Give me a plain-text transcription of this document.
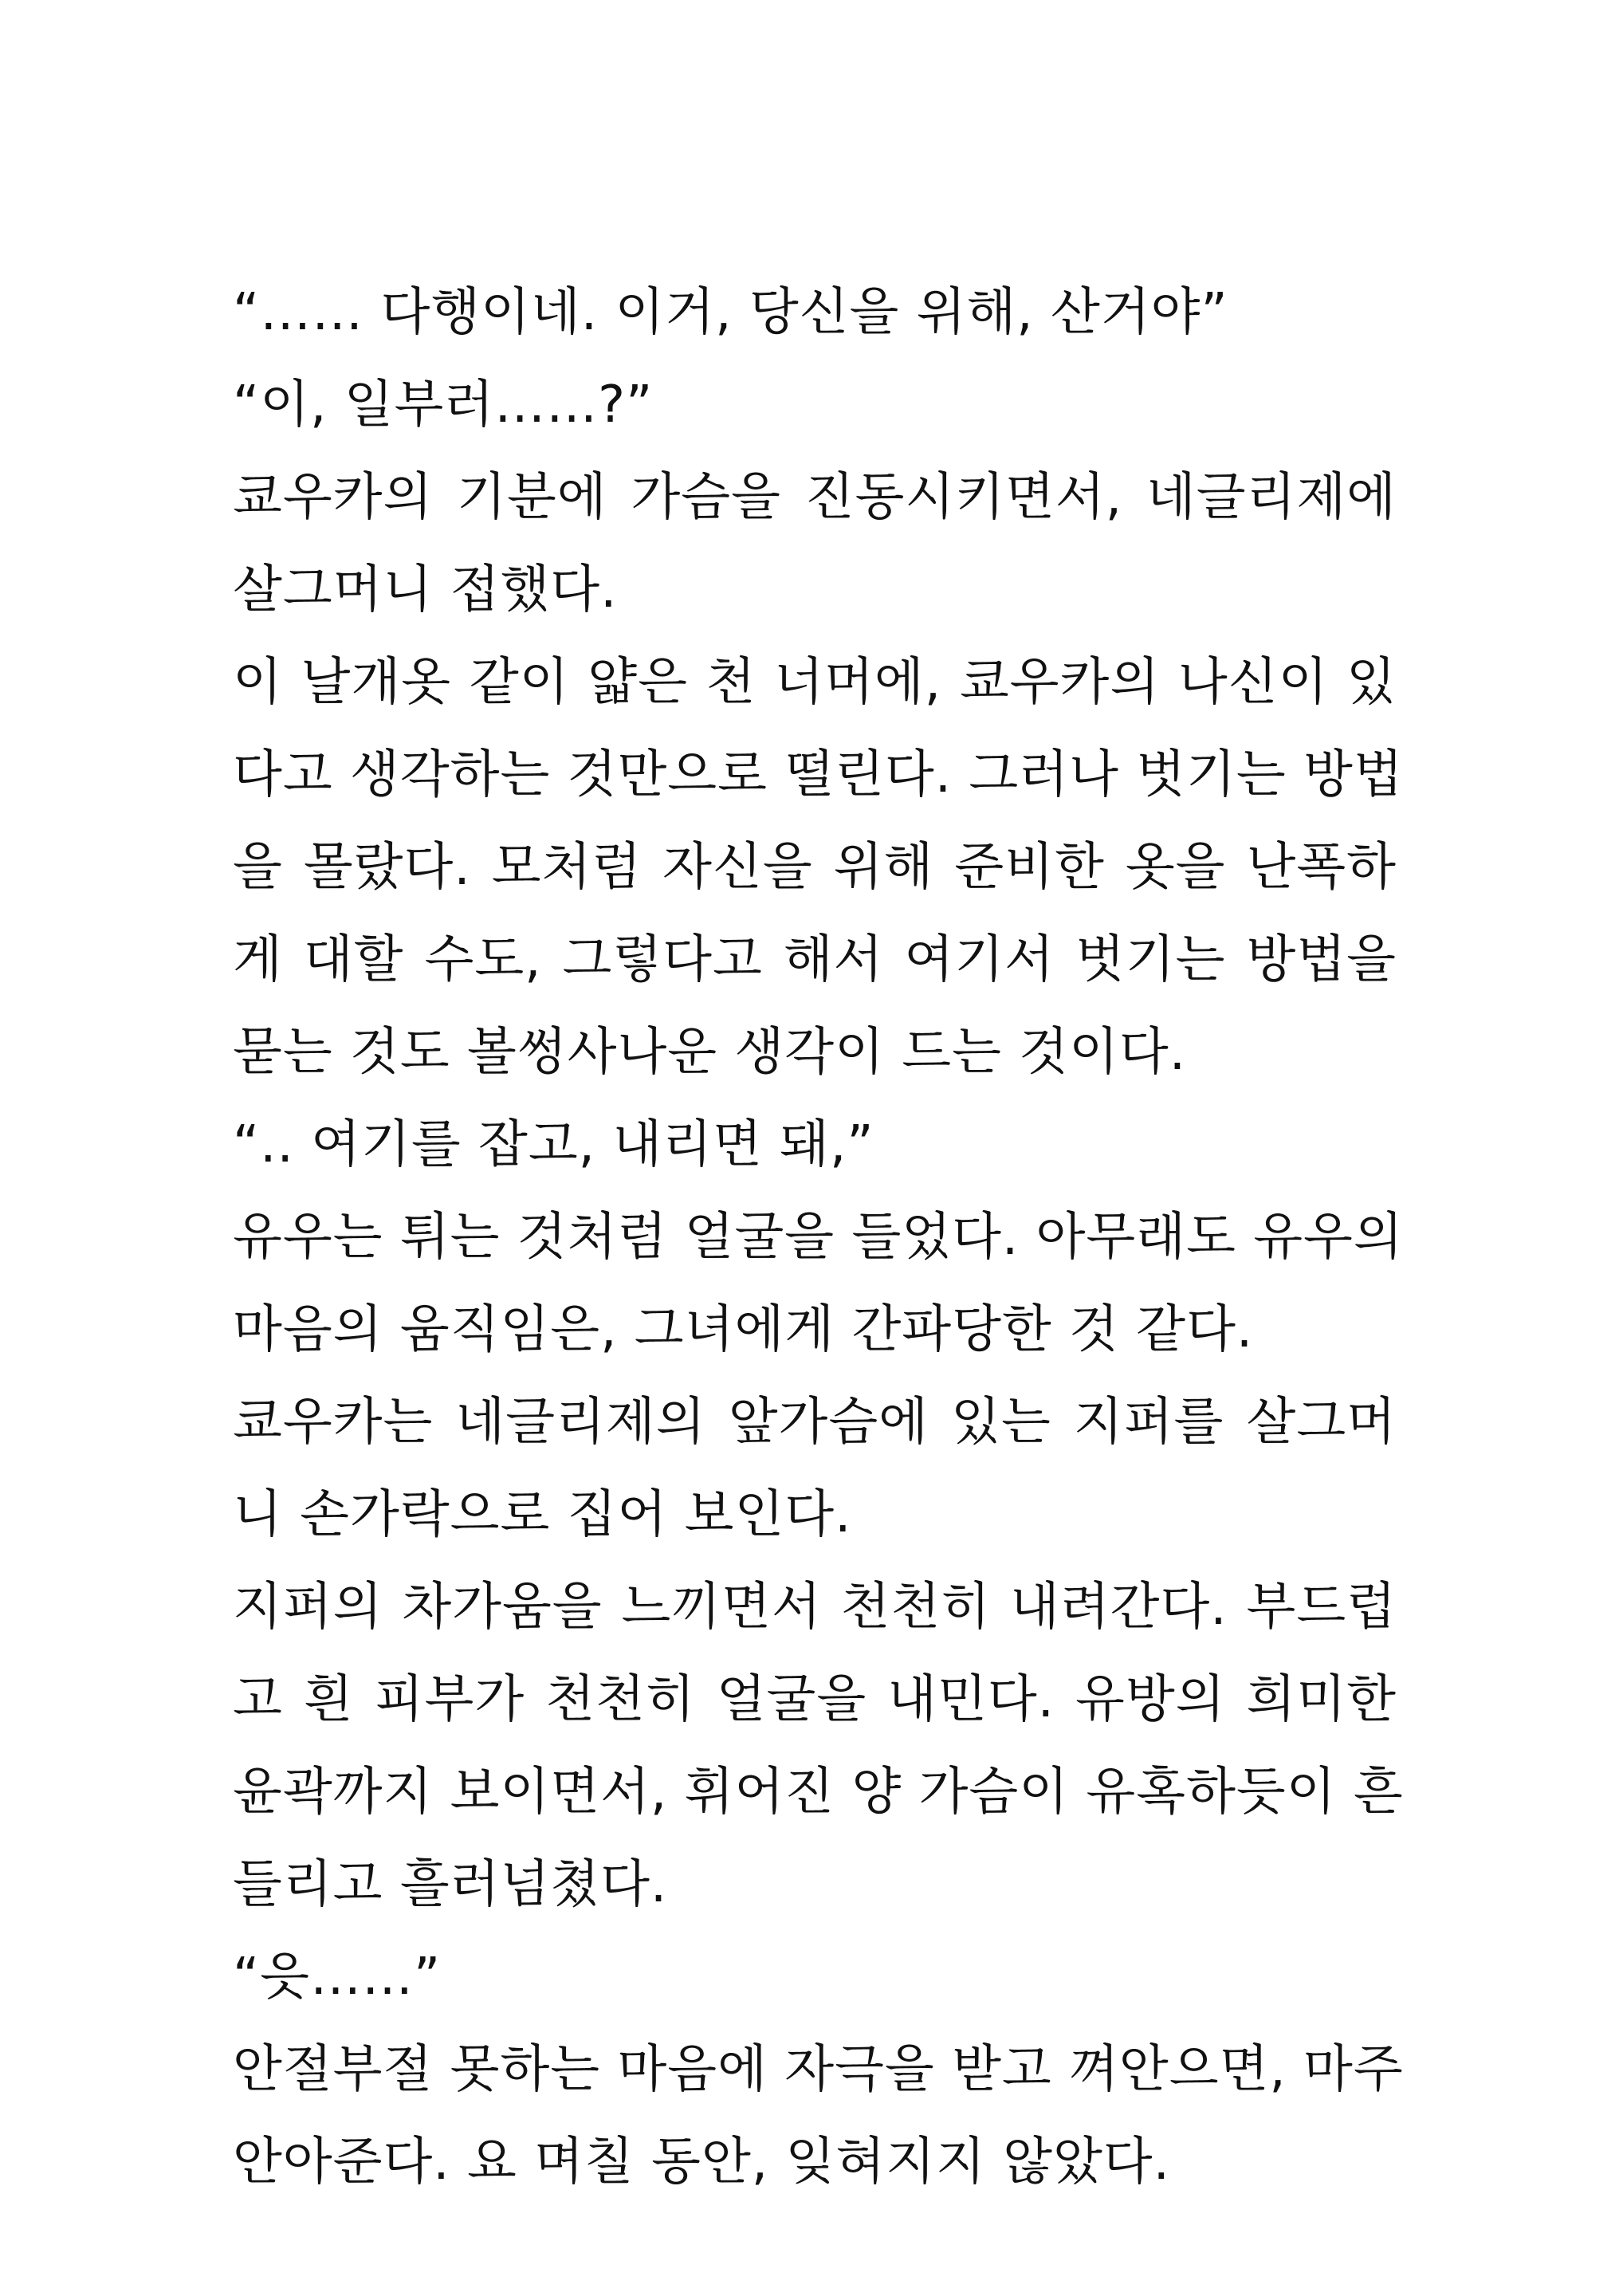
“…… 다행이네. 이거, 당신을 위해, 산거야”
“이, 일부러……?”
쿄우카의 기분에 가슴을 진동시키면서, 네글리제에
살그머니 접했다.
이 날개옷 같이 얇은 천 너머에, 쿄우카의 나신이 있
다고 생각하는 것만으로 떨린다. 그러나 벗기는 방법
을 몰랐다. 모처럼 자신을 위해 준비한 옷을 난폭하
게 대할 수도, 그렇다고 해서 여기서 벗기는 방법을
묻는 것도 볼썽사나운 생각이 드는 것이다.
“.. 여기를 잡고, 내리면 돼,”
유우는 튀는 것처럼 얼굴을 들었다. 아무래도 유우의
마음의 움직임은, 그녀에게 간파당한 것 같다.
쿄우카는 네글리제의 앞가슴에 있는 지퍼를 살그머
니 손가락으로 집어 보인다.
지퍼의 차가움을 느끼면서 천천히 내려간다. 부드럽
고 흰 피부가 천천히 얼굴을 내민다. 유방의 희미한
윤곽까지 보이면서, 휘어진 양 가슴이 유혹하듯이 흔
들리고 흘러넘쳤다.
“읏……”
안절부절 못하는 마음에 자극을 받고 껴안으면, 마주
안아준다. 요 며칠 동안, 잊혀지지 않았다.
